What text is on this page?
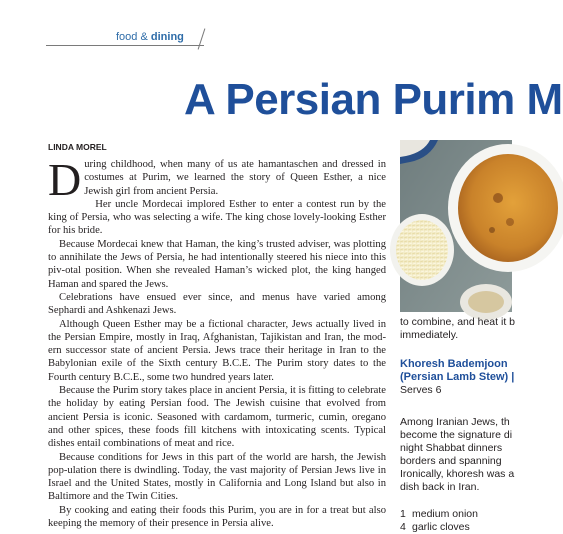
food & dining
A Persian Purim M
LINDA MOREL

During childhood, when many of us ate hamantaschen and dressed in costumes at Purim, we learned the story of Queen Esther, a nice Jewish girl from ancient Persia.

Her uncle Mordecai implored Esther to enter a contest run by the king of Persia, who was selecting a wife. The king chose lovely-looking Esther for his bride.

Because Mordecai knew that Haman, the king’s trusted adviser, was plotting to annihilate the Jews of Persia, he had intentionally steered his niece into this piv-otal position. When she revealed Haman’s wicked plot, the king hanged Haman and spared the Jews.

Celebrations have ensued ever since, and menus have varied among Sephardi and Ashkenazi Jews.

Although Queen Esther may be a fictional character, Jews actually lived in the Persian Empire, mostly in Iraq, Afghanistan, Tajikistan and Iran, the mod-ern successor state of ancient Persia. Jews trace their heritage in Iran to the Babylonian exile of the Sixth century B.C.E. The Purim story dates to the Fourth century B.C.E., some two hundred years later.

Because the Purim story takes place in ancient Persia, it is fitting to celebrate the holiday by eating Persian food. The Jewish cuisine that evolved from ancient Persia is iconic. Seasoned with cardamom, turmeric, cumin, oregano and other spices, these foods fill kitchens with intoxicating scents. Typical dishes entail combinations of meat and rice.

Because conditions for Jews in this part of the world are harsh, the Jewish pop-ulation there is dwindling. Today, the vast majority of Persian Jews live in Israel and the United States, mostly in California and Long Island but also in Baltimore and the Twin Cities.

By cooking and eating their foods this Purim, you are in for a treat but also keeping the memory of their presence in Persia alive.

to combine, and heat it b
immediately.
Khoresh Bademjoon
(Persian Lamb Stew) |
Serves 6
Among Iranian Jews, th
become the signature di
night Shabbat dinners
borders and spanning
Ironically, khoresh was a
dish back in Iran.
1 medium onion
4 garlic cloves
